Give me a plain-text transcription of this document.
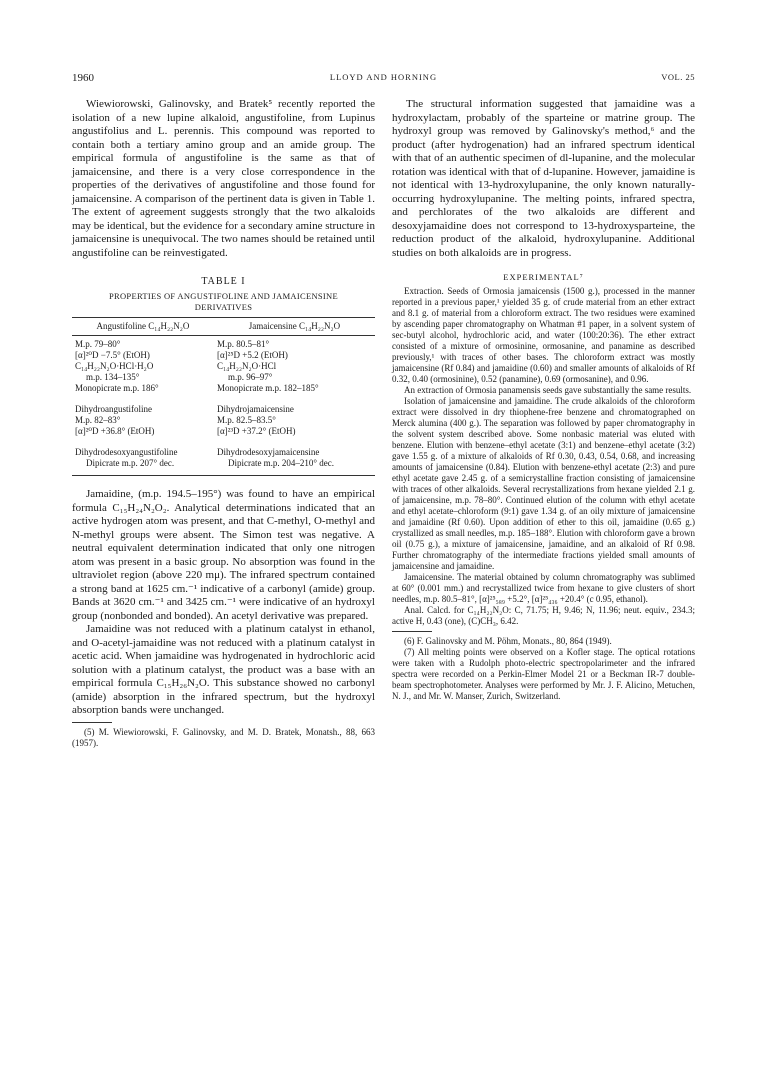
1960	LLOYD AND HORNING	VOL. 25

Wiewiorowski, Galinovsky, and Bratek⁵ recently reported the isolation of a new lupine alkaloid, angustifoline, from Lupinus angustifolius and L. perennis. This compound was reported to contain both a tertiary amino group and an amide group. The empirical formula of angustifoline is the same as that of jamaicensine, and there is a very close correspondence in the properties of the derivatives of angustifoline and those found for jamaicensine. A comparison of the pertinent data is given in Table 1. The extent of agreement suggests strongly that the two alkaloids may be identical, but the evidence for a secondary amine structure in jamaicensine is unequivocal. The two names should be retained until angustifoline can be reinvestigated.

TABLE I
PROPERTIES OF ANGUSTIFOLINE AND JAMAICENSINE DERIVATIVES
Angustifoline C₁₄H₂₂N₂O	Jamaicensine C₁₄H₂₂N₂O
M.p. 79–80°	M.p. 80.5–81°
[α]²⁰D −7.5° (EtOH)	[α]²⁵D +5.2 (EtOH)
C₁₄H₂₂N₂O·HCl·H₂O	C₁₄H₂₂N₂O·HCl
m.p. 134–135°	m.p. 96–97°
Monopicrate m.p. 186°	Monopicrate m.p. 182–185°
Dihydroangustifoline	Dihydrojamaicensine
M.p. 82–83°	M.p. 82.5–83.5°
[α]²⁰D +36.8° (EtOH)	[α]²³D +37.2° (EtOH)
Dihydrodesoxyangustifoline	Dihydrodesoxyjamaicensine
Dipicrate m.p. 207° dec.	Dipicrate m.p. 204–210° dec.

Jamaidine, (m.p. 194.5–195°) was found to have an empirical formula C₁₅H₂₄N₂O₂. Analytical determinations indicated that an active hydrogen atom was present, and that C-methyl, O-methyl and N-methyl groups were absent. The Simon test was negative. A neutral equivalent determination indicated that only one nitrogen atom was present in a basic group. No absorption was found in the ultraviolet region (above 220 mμ). The infrared spectrum contained a strong band at 1625 cm.⁻¹ indicative of a carbonyl (amide) group. Bands at 3620 cm.⁻¹ and 3425 cm.⁻¹ were indicative of an hydroxyl group (nonbonded and bonded). An acetyl derivative was prepared.

Jamaidine was not reduced with a platinum catalyst in ethanol, and O-acetyl-jamaidine was not reduced with a platinum catalyst in acetic acid. When jamaidine was hydrogenated in hydrochloric acid solution with a platinum catalyst, the product was a base with an empirical formula C₁₅H₂₆N₂O. This substance showed no carbonyl (amide) absorption in the infrared spectrum, but the hydroxyl absorption bands were unchanged.

(5) M. Wiewiorowski, F. Galinovsky, and M. D. Bratek, Monatsh., 88, 663 (1957).

The structural information suggested that jamaidine was a hydroxylactam, probably of the sparteine or matrine group. The hydroxyl group was removed by Galinovsky's method,⁶ and the product (after hydrogenation) had an infrared spectrum identical with that of an authentic specimen of dl-lupanine, and the molecular rotation was identical with that of d-lupanine. However, jamaidine is not identical with 13-hydroxylupanine, the only known naturally-occurring hydroxylupanine. The melting points, infrared spectra, and perchlorates of the two alkaloids are different and desoxyjamaidine does not correspond to 13-hydroxysparteine, the reduction product of the alkaloid, hydroxylupanine. Additional studies on both alkaloids are in progress.

EXPERIMENTAL⁷

Extraction. Seeds of Ormosia jamaicensis (1500 g.), processed in the manner reported in a previous paper,¹ yielded 35 g. of crude material from an ether extract and 8.1 g. of material from a chloroform extract. The two residues were examined by ascending paper chromatography on Whatman #1 paper, in a solvent system of sec-butyl alcohol, hydrochloric acid, and water (100:20:36). The ether extract consisted of a mixture of ormosinine, ormosanine, and panamine as described previously,¹ with traces of other bases. The chloroform extract was mostly jamaicensine (Rf 0.84) and jamaidine (0.60) and smaller amounts of alkaloids of Rf 0.32, 0.40 (ormosinine), 0.52 (panamine), 0.69 (ormosanine), and 0.96.

An extraction of Ormosia panamensis seeds gave substantially the same results.

Isolation of jamaicensine and jamaidine. The crude alkaloids of the chloroform extract were dissolved in dry thiophene-free benzene and chromatographed on Merck alumina (400 g.). The separation was followed by paper chromatography in the solvent system described above. Some nonbasic material was eluted with benzene. Elution with benzene–ethyl acetate (3:1) and benzene–ethyl acetate (3:2) gave 1.55 g. of a mixture of alkaloids of Rf 0.30, 0.43, 0.54, 0.68, and increasing amounts of jamaicensine (0.84). Elution with benzene-ethyl acetate (2:3) and pure ethyl acetate gave 2.45 g. of a semicrystalline fraction consisting of jamaicensine with traces of other alkaloids. Several recrystallizations from hexane yielded 2.1 g. of jamaicensine, m.p. 78–80°. Continued elution of the column with ethyl acetate and ethyl acetate–chloroform (9:1) gave 1.34 g. of an oily mixture of jamaicensine and jamaidine (Rf 0.60). Upon addition of ether to this oil, jamaidine (0.65 g.) crystallized as small needles, m.p. 185–188°. Elution with chloroform gave a brown oil (0.75 g.), a mixture of jamaicensine, jamaidine, and an alkaloid of Rf 0.98. Further chromatography of the intermediate fractions yielded small amounts of jamaicensine and jamaidine.

Jamaicensine. The material obtained by column chromatography was sublimed at 60° (0.001 mm.) and recrystallized twice from hexane to give clusters of short needles, m.p. 80.5–81°, [α]²⁵₅₈₉ +5.2°, [α]²⁵₄₃₆ +20.4° (c 0.95, ethanol).

Anal. Calcd. for C₁₄H₂₂N₂O: C, 71.75; H, 9.46; N, 11.96; neut. equiv., 234.3; active H, 0.43 (one), (C)CH₃, 6.42.

(6) F. Galinovsky and M. Pöhm, Monats., 80, 864 (1949).

(7) All melting points were observed on a Kofler stage. The optical rotations were taken with a Rudolph photo-electric spectropolarimeter and the infrared spectra were recorded on a Perkin-Elmer Model 21 or a Beckman IR-7 double-beam spectrophotometer. Analyses were performed by Mr. J. F. Alicino, Metuchen, N. J., and Mr. W. Manser, Zurich, Switzerland.
